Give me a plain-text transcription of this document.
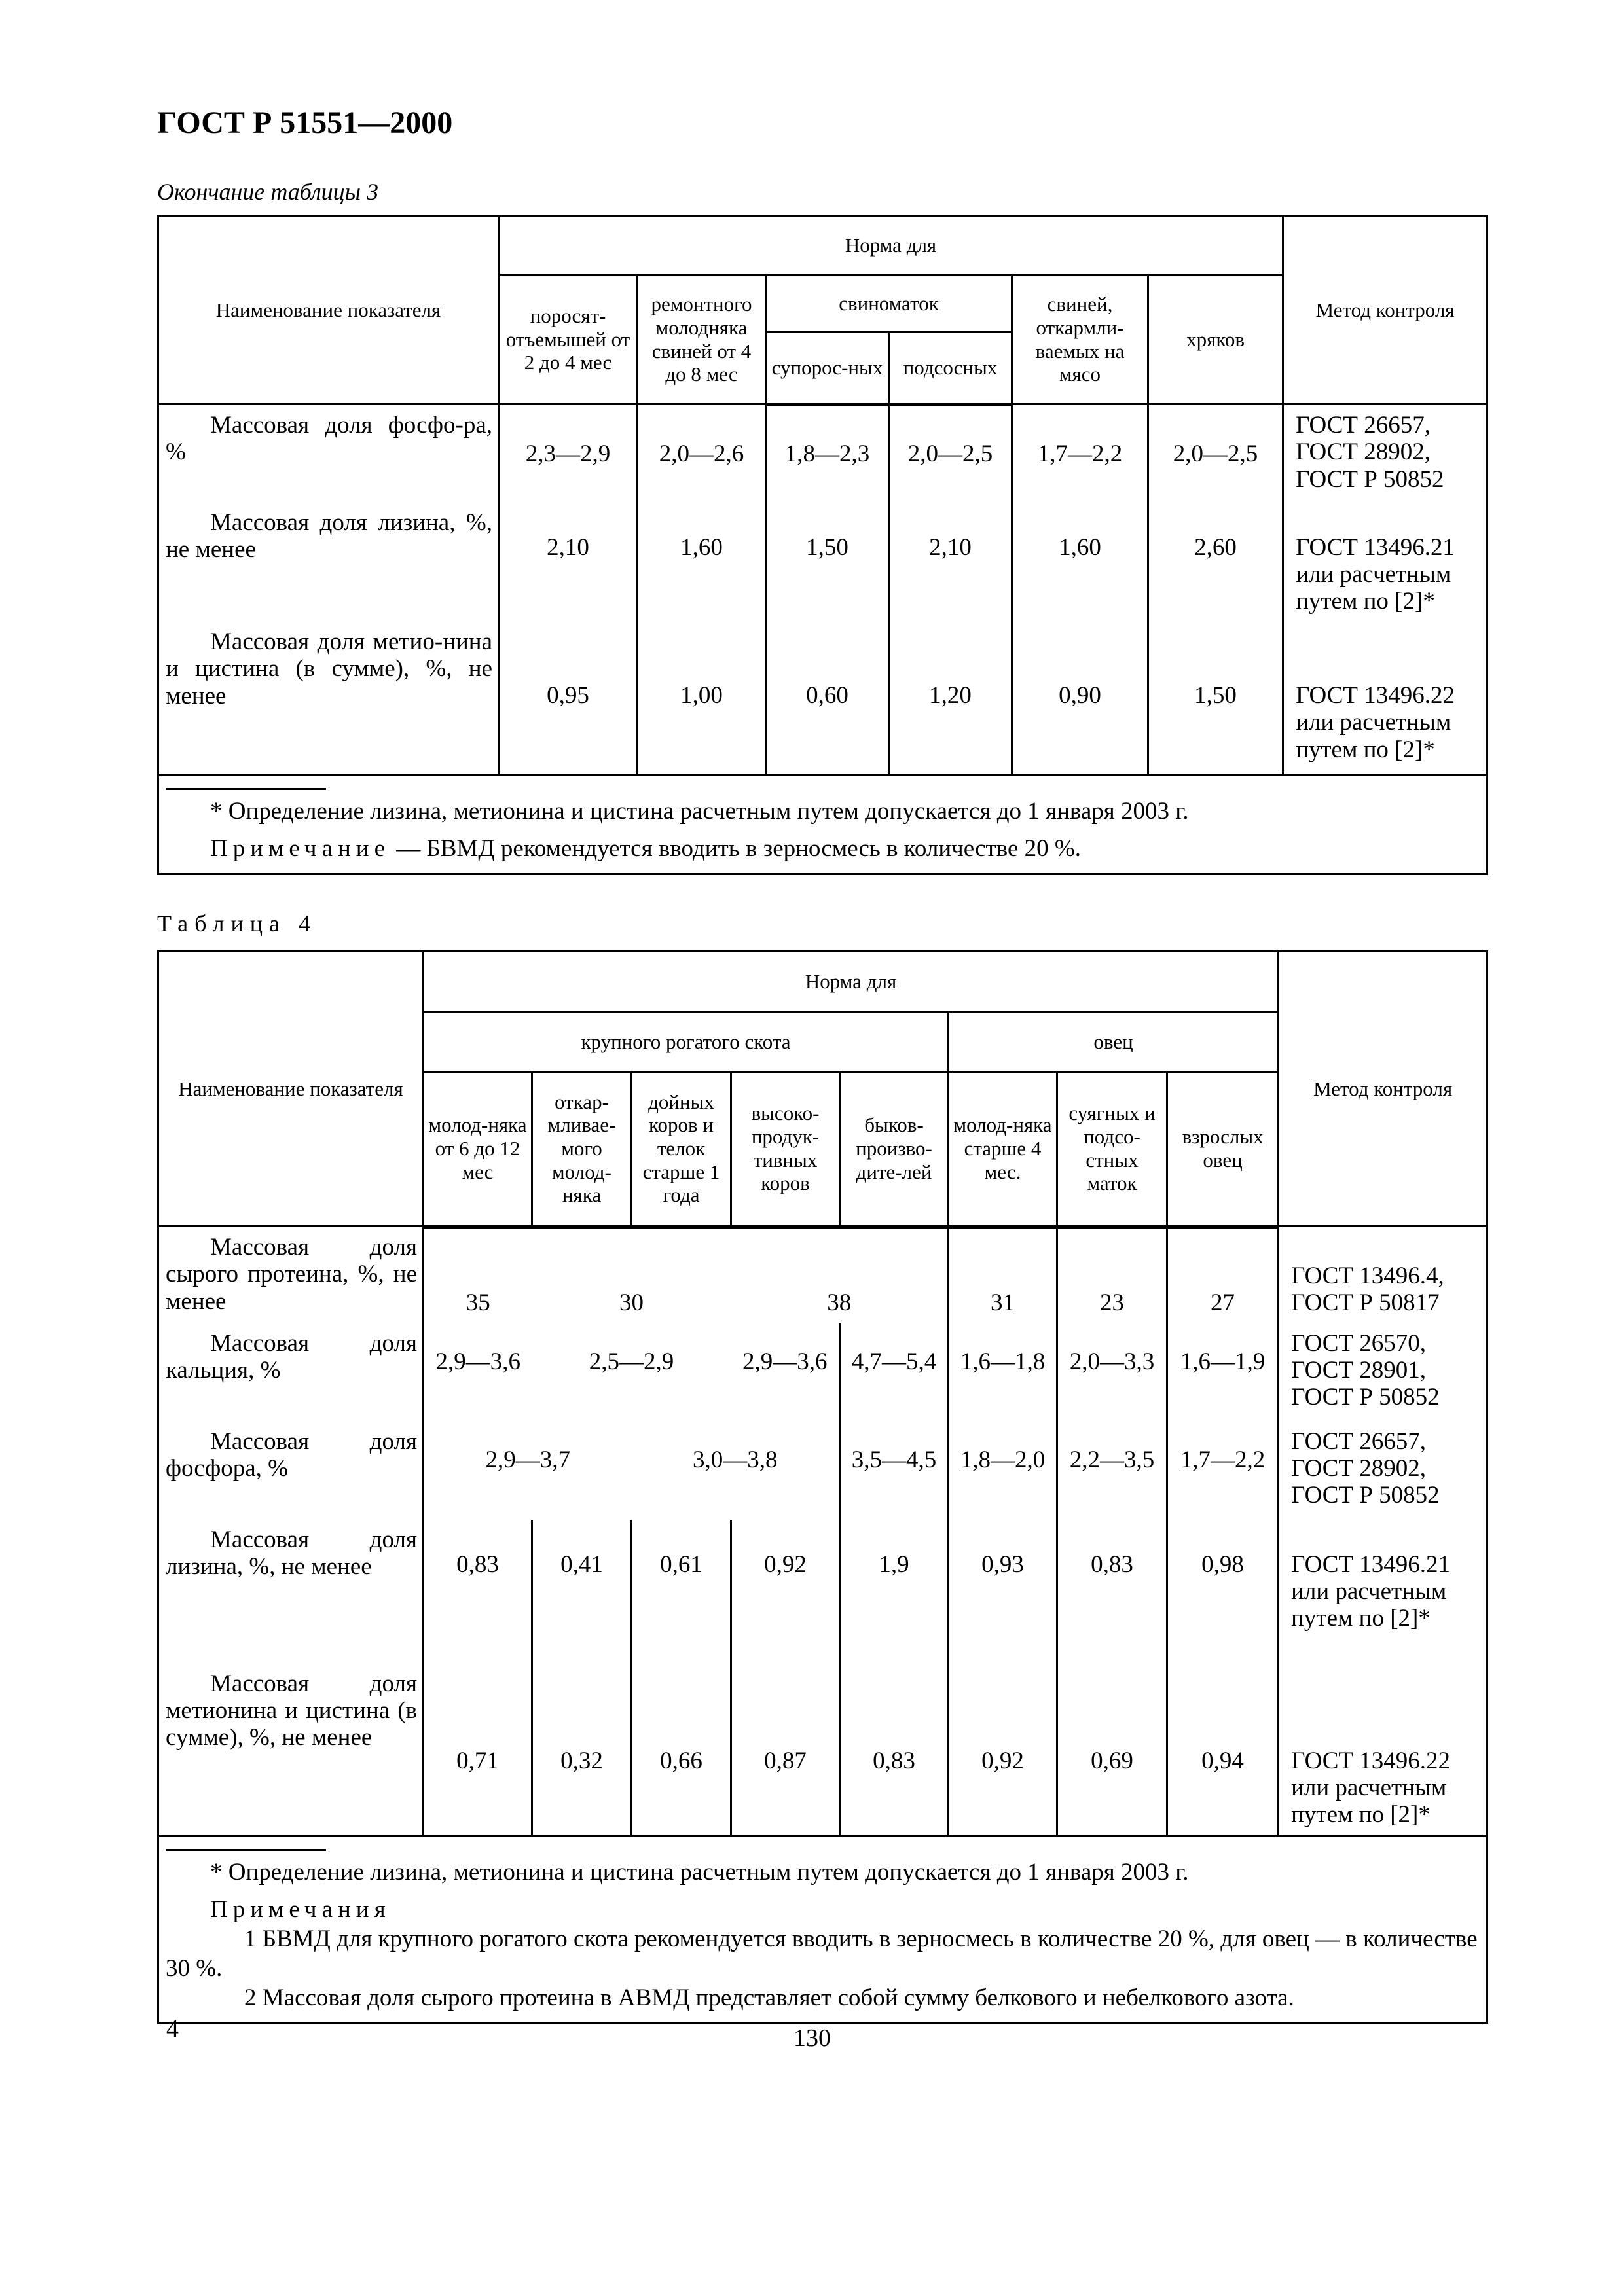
ГОСТ Р 51551—2000
Окончание таблицы 3
Наименование показателя	Норма для						Метод контроля
	поросят-отъемышей от 2 до 4 мес	ремонтного молодняка свиней от 4 до 8 мес	свиноматок		свиней, откармли-ваемых на мясо	хряков	
			супорос-ных	подсосных			

Массовая доля фосфо-ра, %	2,3—2,9	2,0—2,6	1,8—2,3	2,0—2,5	1,7—2,2	2,0—2,5	ГОСТ 26657, ГОСТ 28902, ГОСТ Р 50852

Массовая доля лизина, %, не менее	2,10	1,60	1,50	2,10	1,60	2,60	ГОСТ 13496.21 или расчетным путем по [2]*

Массовая доля метио-нина и цистина (в сумме), %, не менее	0,95	1,00	0,60	1,20	0,90	1,50	ГОСТ 13496.22 или расчетным путем по [2]*

* Определение лизина, метионина и цистина расчетным путем допускается до 1 января 2003 г.

Примечание — БВМД рекомендуется вводить в зерносмесь в количестве 20 %.							

Таблица 4
Наименование показателя	Норма для								Метод контроля
	крупного рогатого скота					овец			
	молод-няка от 6 до 12 мес	откар-мливае-мого молод-няка	дойных коров и телок старше 1 года	высоко-продук-тивных коров	быков-произво-дите-лей	молод-няка старше 4 мес.	суягных и подсо-стных маток	взрослых овец	

Массовая доля сырого протеина, %, не менее	35	30		38		31	23	27	ГОСТ 13496.4, ГОСТ Р 50817

Массовая доля кальция, %	2,9—3,6	2,5—2,9		2,9—3,6	4,7—5,4	1,6—1,8	2,0—3,3	1,6—1,9	ГОСТ 26570, ГОСТ 28901, ГОСТ Р 50852

Массовая доля фосфора, %	2,9—3,7		3,0—3,8		3,5—4,5	1,8—2,0	2,2—3,5	1,7—2,2	ГОСТ 26657, ГОСТ 28902, ГОСТ Р 50852

Массовая доля лизина, %, не менее	0,83	0,41	0,61	0,92	1,9	0,93	0,83	0,98	ГОСТ 13496.21 или расчетным путем по [2]*

Массовая доля метионина и цистина (в сумме), %, не менее	0,71	0,32	0,66	0,87	0,83	0,92	0,69	0,94	ГОСТ 13496.22 или расчетным путем по [2]*

* Определение лизина, метионина и цистина расчетным путем допускается до 1 января 2003 г.

Примечания

1 БВМД для крупного рогатого скота рекомендуется вводить в зерносмесь в количестве 20 %, для овец — в количестве 30 %.

2 Массовая доля сырого протеина в АВМД представляет собой сумму белкового и небелкового азота.									

4	130
